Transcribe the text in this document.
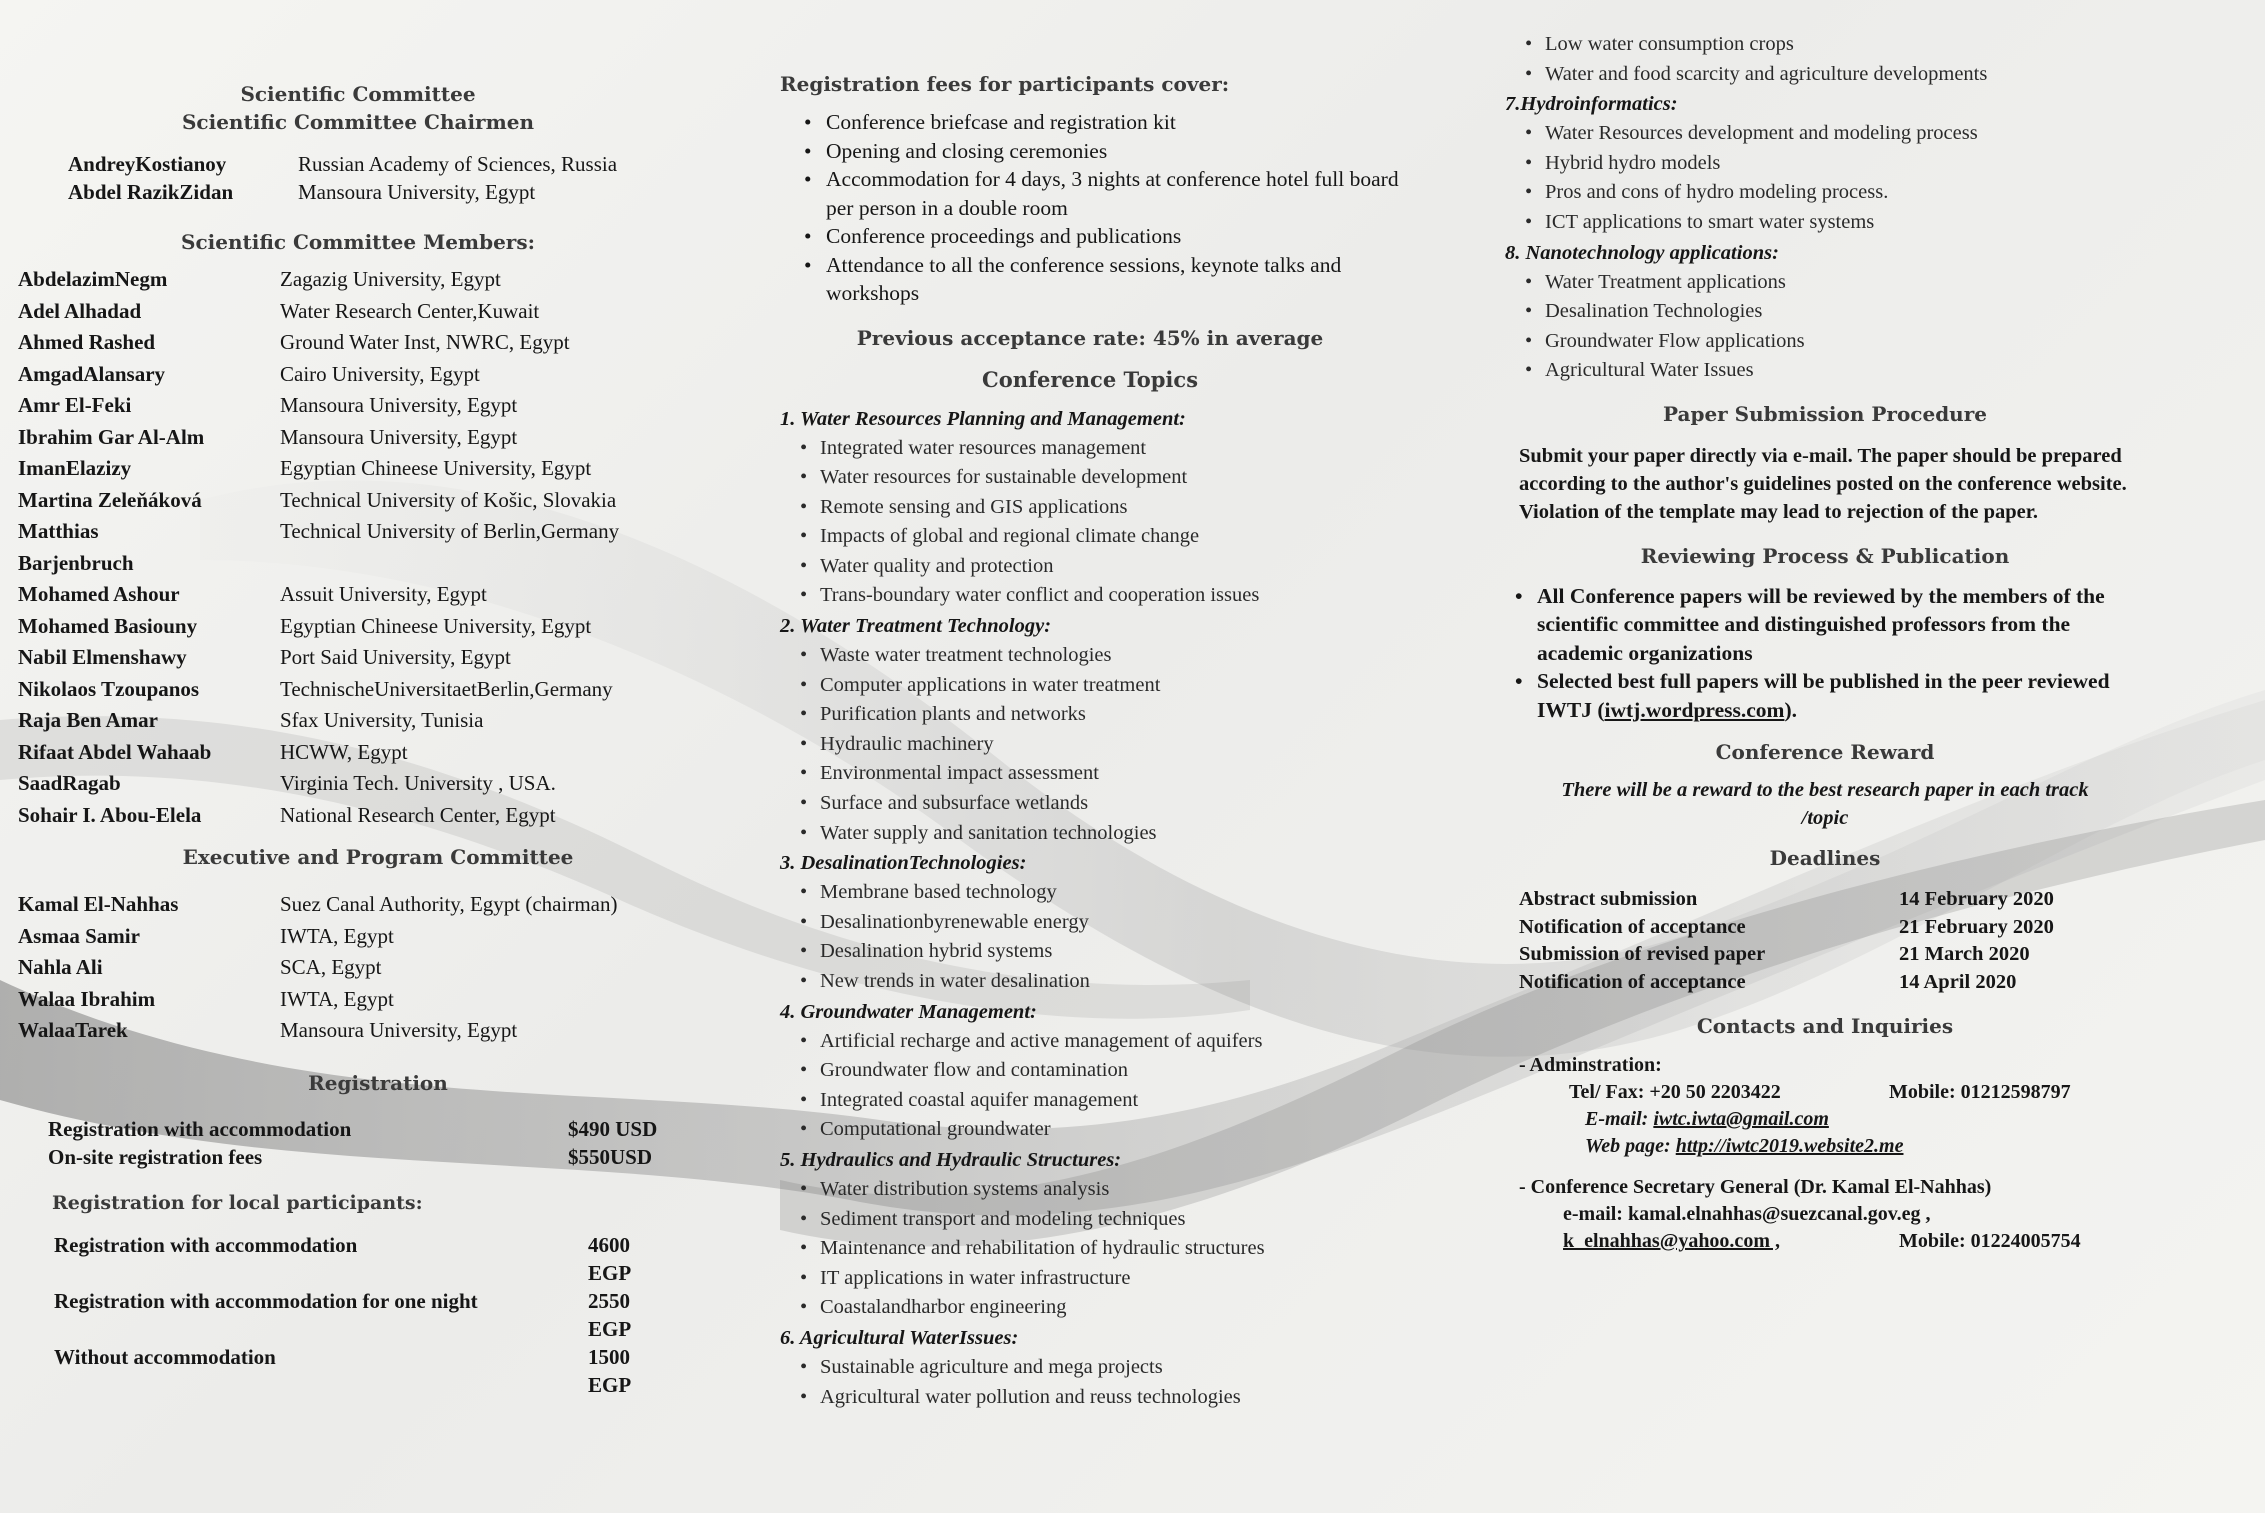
Scientific Committee
Scientific Committee Chairmen
AndreyKostianoy	Russian Academy of Sciences, Russia
Abdel RazikZidan	Mansoura University, Egypt
Scientific Committee Members:
AbdelazimNegm	Zagazig University, Egypt
Adel Alhadad	Water Research Center,Kuwait
Ahmed Rashed	Ground Water Inst, NWRC, Egypt
AmgadAlansary	Cairo University, Egypt
Amr El-Feki	Mansoura University, Egypt
Ibrahim Gar Al-Alm	Mansoura University, Egypt
ImanElazizy	Egyptian Chineese University, Egypt
Martina Zeleňáková	Technical University of Košic, Slovakia
Matthias	Technical University of Berlin,Germany
Barjenbruch
Mohamed Ashour	Assuit University, Egypt
Mohamed Basiouny	Egyptian Chineese University, Egypt
Nabil Elmenshawy	Port Said University, Egypt
Nikolaos Tzoupanos	TechnischeUniversitaetBerlin,Germany
Raja Ben Amar	Sfax University, Tunisia
Rifaat Abdel Wahaab	HCWW, Egypt
SaadRagab	Virginia Tech. University , USA.
Sohair I. Abou-Elela	National Research Center, Egypt
Executive and Program Committee
Kamal El-Nahhas	Suez Canal Authority, Egypt (chairman)
Asmaa Samir	IWTA, Egypt
Nahla Ali	SCA, Egypt
Walaa Ibrahim	IWTA, Egypt
WalaaTarek	Mansoura University, Egypt
Registration
Registration with accommodation	$490 USD
On-site registration fees	$550USD
Registration for local participants:
Registration with accommodation	4600 EGP
Registration with accommodation for one night	2550 EGP
Without accommodation	1500 EGP
Registration fees for participants cover:
• Conference briefcase and registration kit
• Opening and closing ceremonies
• Accommodation for 4 days, 3 nights at conference hotel full board per person in a double room
• Conference proceedings and publications
• Attendance to all the conference sessions, keynote talks and workshops
Previous acceptance rate: 45% in average
Conference Topics
1. Water Resources Planning and Management:
• Integrated water resources management
• Water resources for sustainable development
• Remote sensing and GIS applications
• Impacts of global and regional climate change
• Water quality and protection
• Trans-boundary water conflict and cooperation issues
2. Water Treatment Technology:
• Waste water treatment technologies
• Computer applications in water treatment
• Purification plants and networks
• Hydraulic machinery
• Environmental impact assessment
• Surface and subsurface wetlands
• Water supply and sanitation technologies
3. DesalinationTechnologies:
• Membrane based technology
• Desalinationbyrenewable energy
• Desalination hybrid systems
• New trends in water desalination
4. Groundwater Management:
• Artificial recharge and active management of aquifers
• Groundwater flow and contamination
• Integrated coastal aquifer management
• Computational groundwater
5. Hydraulics and Hydraulic Structures:
• Water distribution systems analysis
• Sediment transport and modeling techniques
• Maintenance and rehabilitation of hydraulic structures
• IT applications in water infrastructure
• Coastalandharbor engineering
6. Agricultural WaterIssues:
• Sustainable agriculture and mega projects
• Agricultural water pollution and reuss technologies
• Low water consumption crops
• Water and food scarcity and agriculture developments
7.Hydroinformatics:
• Water Resources development and modeling process
• Hybrid hydro models
• Pros and cons of hydro modeling process.
• ICT applications to smart water systems
8. Nanotechnology applications:
• Water Treatment applications
• Desalination Technologies
• Groundwater Flow applications
• Agricultural Water Issues
Paper Submission Procedure
Submit your paper directly via e-mail. The paper should be prepared according to the author's guidelines posted on the conference website. Violation of the template may lead to rejection of the paper.
Reviewing Process & Publication
• All Conference papers will be reviewed by the members of the scientific committee and distinguished professors from the academic organizations
• Selected best full papers will be published in the peer reviewed IWTJ (iwtj.wordpress.com).
Conference Reward
There will be a reward to the best research paper in each track /topic
Deadlines
Abstract submission	14 February 2020
Notification of acceptance	21 February 2020
Submission of revised paper	21 March 2020
Notification of acceptance	14 April 2020
Contacts and Inquiries
- Adminstration:
Tel/ Fax: +20 50 2203422	Mobile: 01212598797
E-mail: iwtc.iwta@gmail.com
Web page: http://iwtc2019.website2.me
- Conference Secretary General (Dr. Kamal El-Nahhas)
e-mail: kamal.elnahhas@suezcanal.gov.eg ,
k_elnahhas@yahoo.com ,	Mobile: 01224005754
